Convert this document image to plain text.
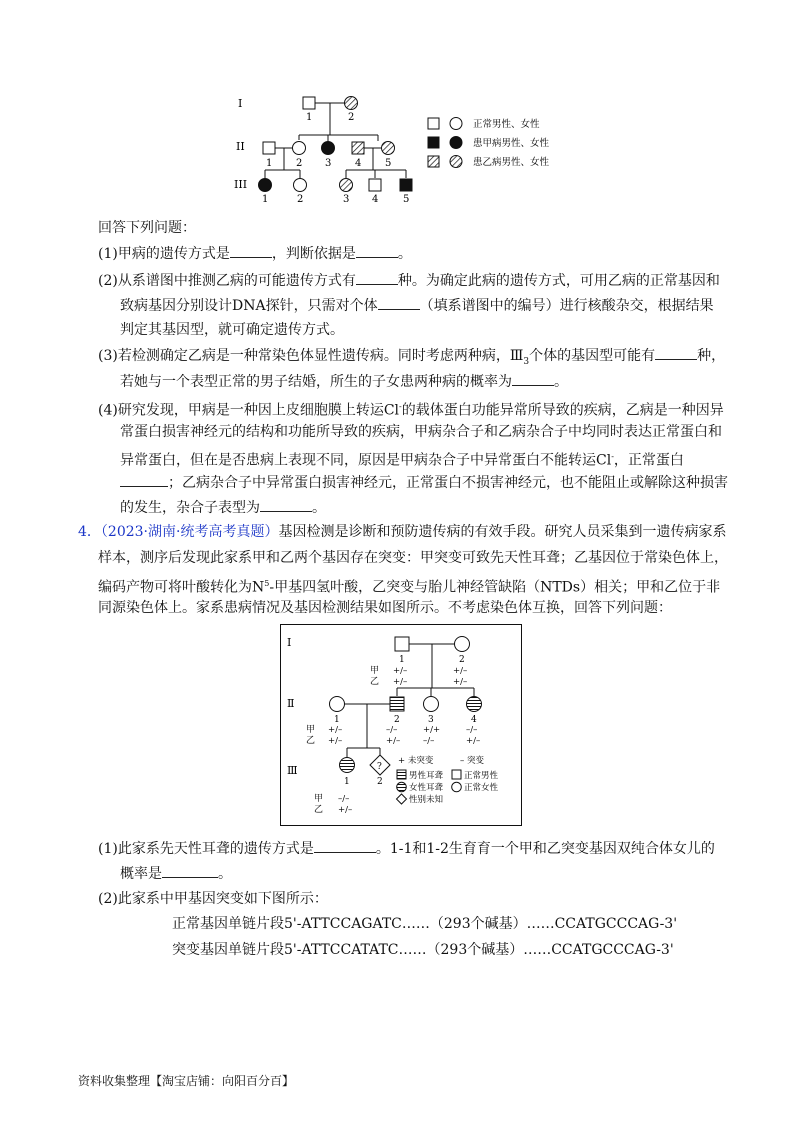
I
II
III
1	2
1 2 3 4 5
1	2	3 4 5
正常男性、女性
患甲病男性、女性
患乙病男性、女性
回答下列问题：
(1)甲病的遗传方式是	，判断依据是	。
(2)从系谱图中推测乙病的可能遗传方式有	种。为确定此病的遗传方式，可用乙病的正常基因和
致病基因分别设计DNA探针，只需对个体	（填系谱图中的编号）进行核酸杂交，根据结果
判定其基因型，就可确定遗传方式。
(3)若检测确定乙病是一种常染色体显性遗传病。同时考虑两种病，$Ⅲ_3$个体的基因型可能有	种，
若她与一个表型正常的男子结婚，所生的子女患两种病的概率为	。
(4)研究发现，甲病是一种因上皮细胞膜上转运Cl-的载体蛋白功能异常所导致的疾病，乙病是一种因异
常蛋白损害神经元的结构和功能所导致的疾病，甲病杂合子和乙病杂合子中均同时表达正常蛋白和
异常蛋白，但在是否患病上表现不同，原因是甲病杂合子中异常蛋白不能转运Cl-，正常蛋白
；乙病杂合子中异常蛋白损害神经元，正常蛋白不损害神经元，也不能阻止或解除这种损害
的发生，杂合子表型为	。
4．（2023·湖南·统考高考真题）基因检测是诊断和预防遗传病的有效手段。研究人员采集到一遗传病家系
样本，测序后发现此家系甲和乙两个基因存在突变：甲突变可致先天性耳聋；乙基因位于常染色体上，
编码产物可将叶酸转化为$N^5-$甲基四氢叶酸，乙突变与胎儿神经管缺陷（NTDs）相关；甲和乙位于非
同源染色体上。家系患病情况及基因检测结果如图所示。不考虑染色体互换，回答下列问题：
Ⅰ
Ⅱ
Ⅲ
1	2
甲
乙
+/–
+/–
+/–
+/–
1	2	3	4
甲
乙
+/–
+/–
–/–
+/–
+/+
–/–
–/–
+/–
?
1	2
甲
乙
–/–
+/–
+ 未突变	– 突变
男性耳聋 正常男性
女性耳聋 正常女性
性别未知
(1)此家系先天性耳聋的遗传方式是	。1-1和1-2生育育一个甲和乙突变基因双纯合体女儿的
概率是	。
(2)此家系中甲基因突变如下图所示：
正常基因单链片段5'-ATTCCAGATC……（293个碱基）……CCATGCCCAG-3'
突变基因单链片段5'-ATTCCATATC……（293个碱基）……CCATGCCCAG-3'
资料收集整理【淘宝店铺：向阳百分百】
